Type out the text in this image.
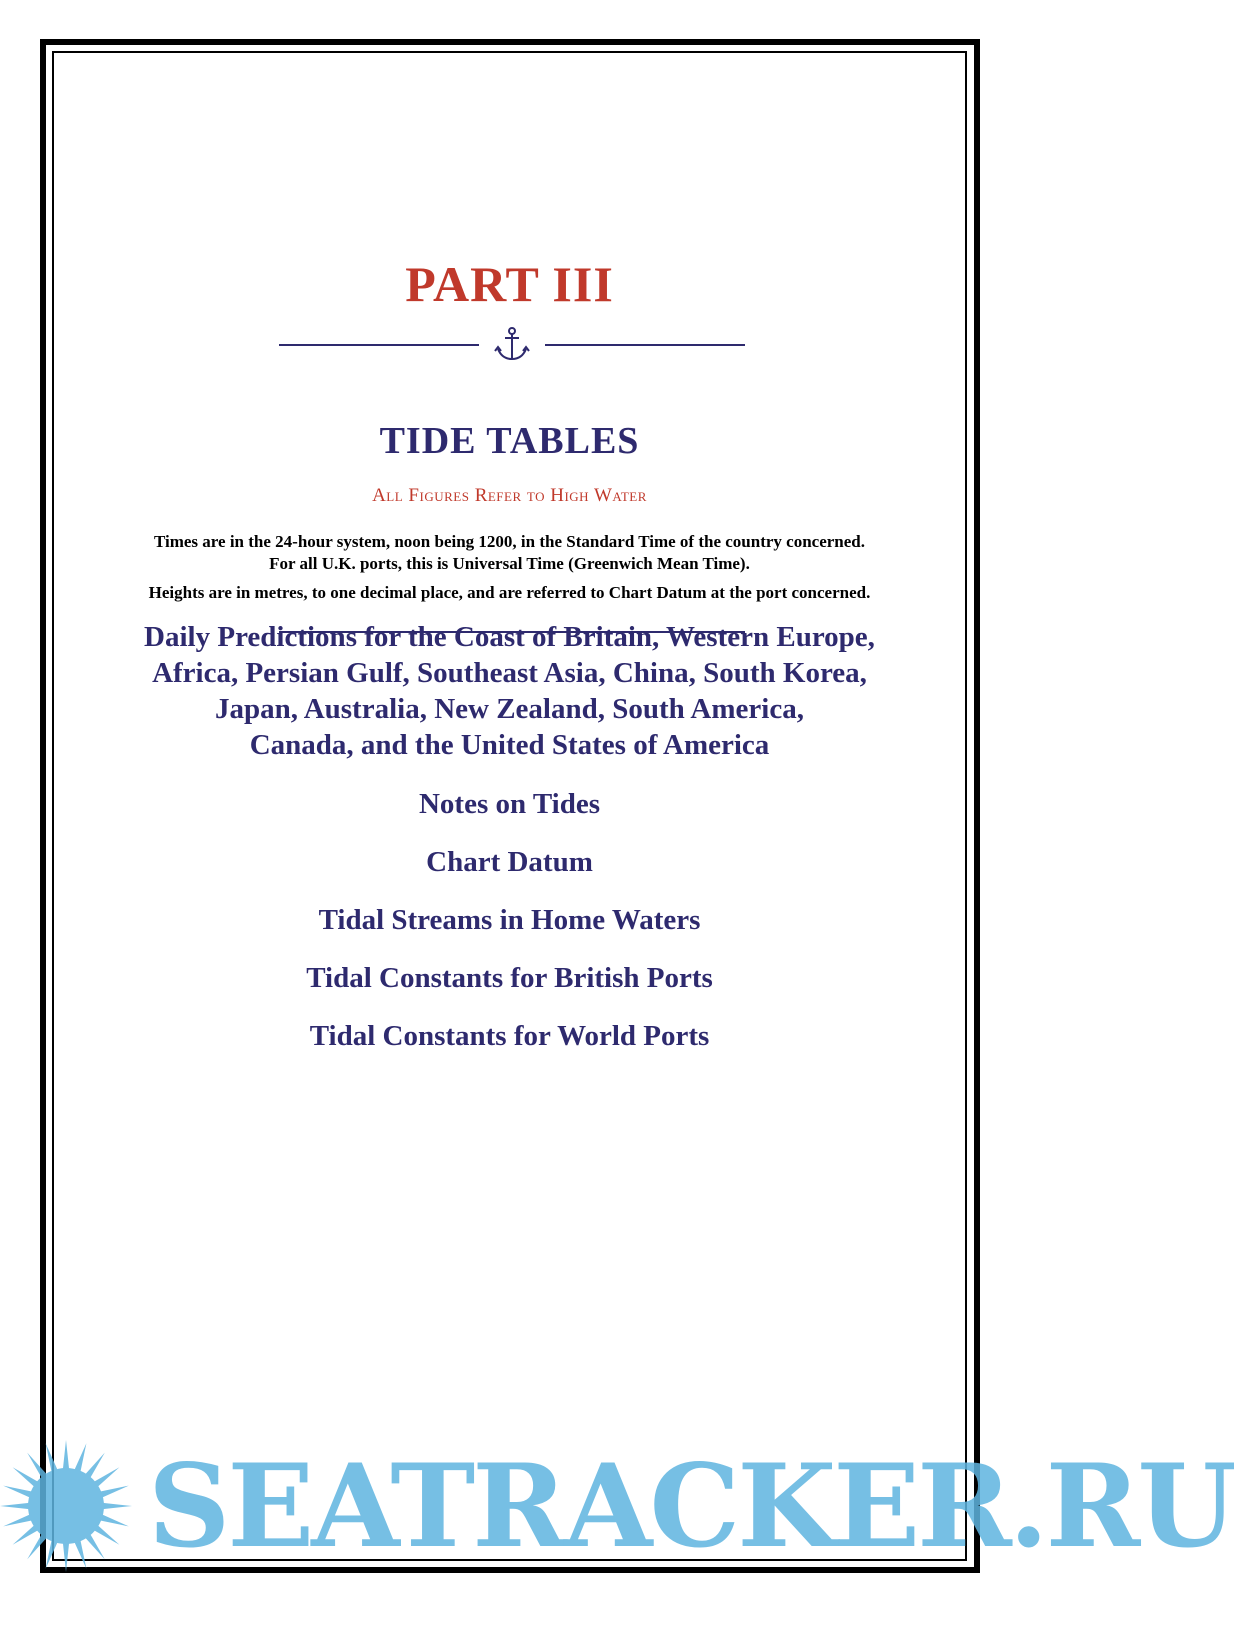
PART III
TIDE TABLES
All Figures Refer to High Water

Times are in the 24-hour system, noon being 1200, in the Standard Time of the country concerned.

For all U.K. ports, this is Universal Time (Greenwich Mean Time).

Heights are in metres, to one decimal place, and are referred to Chart Datum at the port concerned.

Daily Predictions for the Coast of Britain, Western Europe,
Africa, Persian Gulf, Southeast Asia, China, South Korea,
Japan, Australia, New Zealand, South America,
Canada, and the United States of America
Notes on Tides
Chart Datum
Tidal Streams in Home Waters
Tidal Constants for British Ports
Tidal Constants for World Ports
SEATRACKER.RU
